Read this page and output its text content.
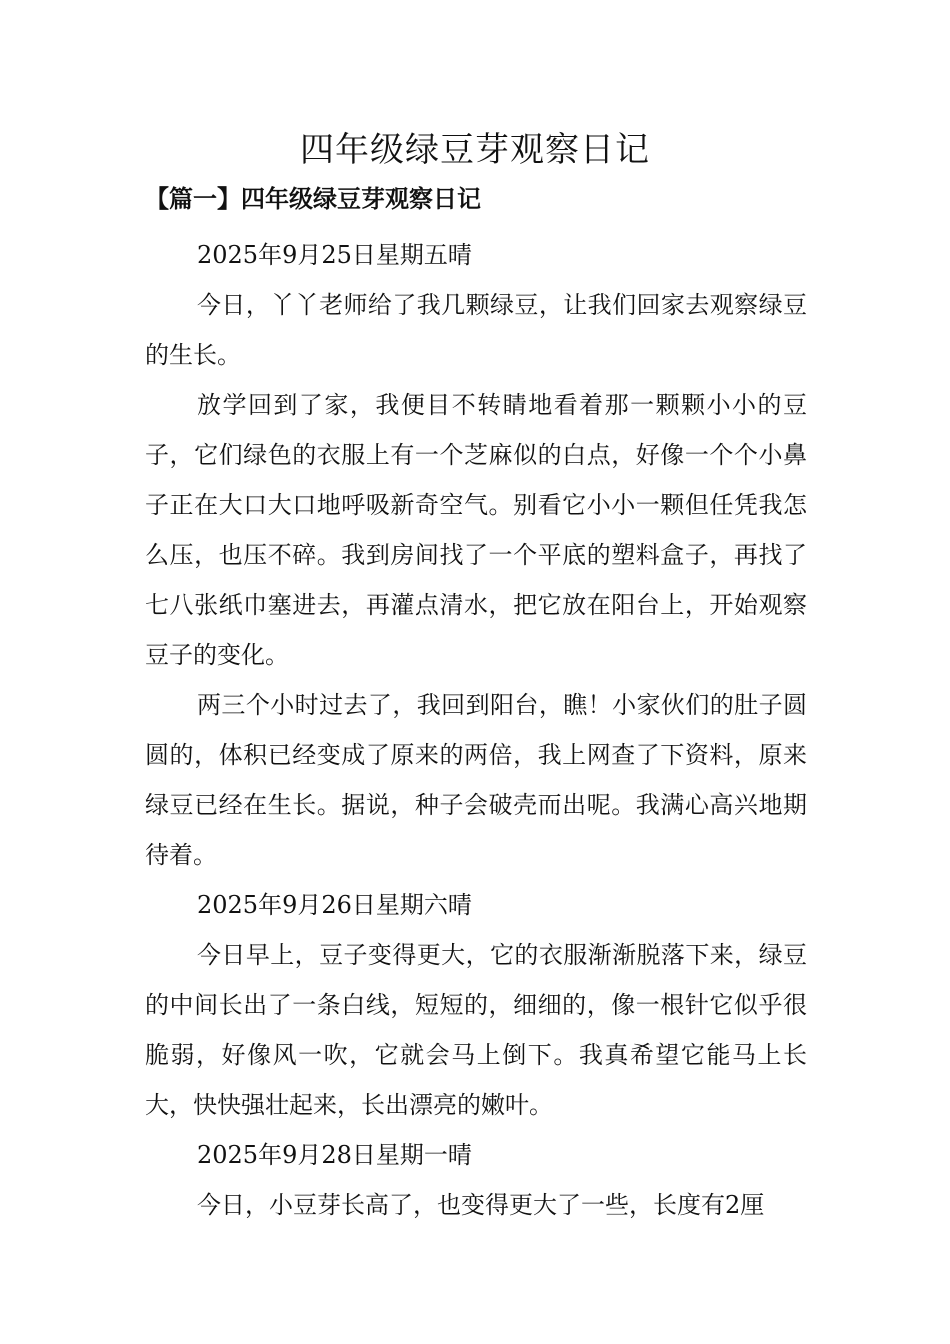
四年级绿豆芽观察日记
【篇一】四年级绿豆芽观察日记

2025年9月25日星期五晴

今日，丫丫老师给了我几颗绿豆，让我们回家去观察绿豆的生长。

放学回到了家，我便目不转睛地看着那一颗颗小小的豆子，它们绿色的衣服上有一个芝麻似的白点，好像一个个小鼻子正在大口大口地呼吸新奇空气。别看它小小一颗但任凭我怎么压，也压不碎。我到房间找了一个平底的塑料盒子，再找了七八张纸巾塞进去，再灌点清水，把它放在阳台上，开始观察豆子的变化。

两三个小时过去了，我回到阳台，瞧！小家伙们的肚子圆圆的，体积已经变成了原来的两倍，我上网查了下资料，原来绿豆已经在生长。据说，种子会破壳而出呢。我满心高兴地期待着。

2025年9月26日星期六晴

今日早上，豆子变得更大，它的衣服渐渐脱落下来，绿豆的中间长出了一条白线，短短的，细细的，像一根针它似乎很脆弱，好像风一吹，它就会马上倒下。我真希望它能马上长大，快快强壮起来，长出漂亮的嫩叶。

2025年9月28日星期一晴

今日，小豆芽长高了，也变得更大了一些，长度有2厘
